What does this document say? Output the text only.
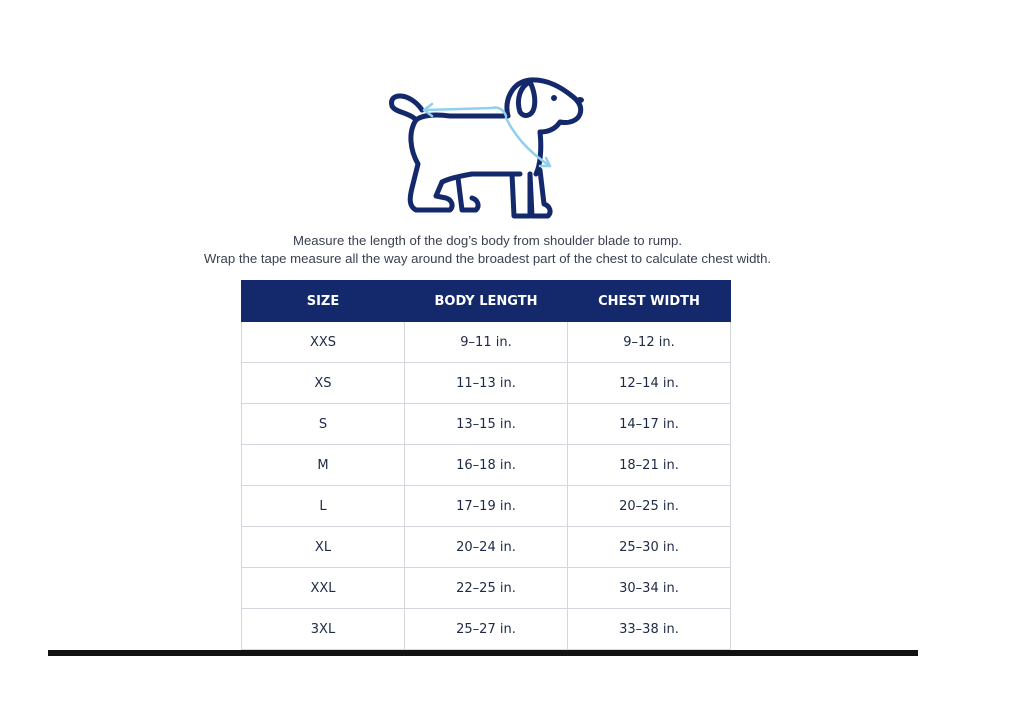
Measure the length of the dog’s body from shoulder blade to rump.
Wrap the tape measure all the way around the broadest part of the chest to calculate chest width.
SIZE	BODY LENGTH	CHEST WIDTH
XXS	9–11 in.	9–12 in.
XS	11–13 in.	12–14 in.
S	13–15 in.	14–17 in.
M	16–18 in.	18–21 in.
L	17–19 in.	20–25 in.
XL	20–24 in.	25–30 in.
XXL	22–25 in.	30–34 in.
3XL	25–27 in.	33–38 in.
